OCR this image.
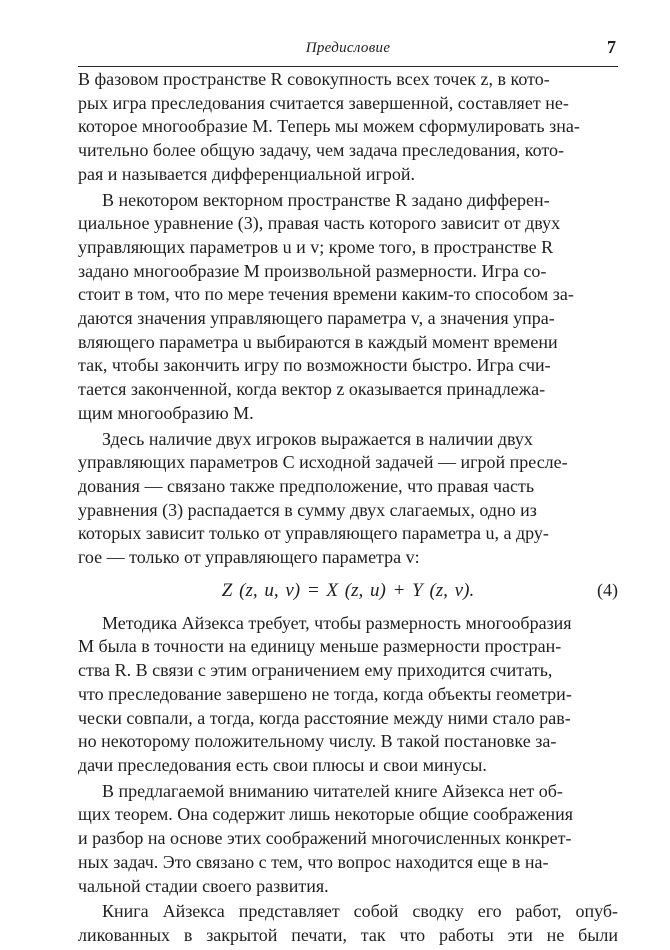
Предисловие	7

В фазовом пространстве R совокупность всех точек z, в кото-
рых игра преследования считается завершенной, составляет не-
которое многообразие M. Теперь мы можем сформулировать зна-
чительно более общую задачу, чем задача преследования, кото-
рая и называется дифференциальной игрой.

В некотором векторном пространстве R задано дифферен-
циальное уравнение (3), правая часть которого зависит от двух
управляющих параметров u и v; кроме того, в пространстве R
задано многообразие M произвольной размерности. Игра со-
стоит в том, что по мере течения времени каким-то способом за-
даются значения управляющего параметра v, а значения упра-
вляющего параметра u выбираются в каждый момент времени
так, чтобы закончить игру по возможности быстро. Игра счи-
тается законченной, когда вектор z оказывается принадлежа-
щим многообразию M.

Здесь наличие двух игроков выражается в наличии двух
управляющих параметров С исходной задачей — игрой пресле-
дования — связано также предположение, что правая часть
уравнения (3) распадается в сумму двух слагаемых, одно из
которых зависит только от управляющего параметра u, а дру-
гое — только от управляющего параметра v:

Z (z, u, v) = X (z, u) + Y (z, v).	(4)

Методика Айзекса требует, чтобы размерность многообразия
M была в точности на единицу меньше размерности простран-
ства R. В связи с этим ограничением ему приходится считать,
что преследование завершено не тогда, когда объекты геометри-
чески совпали, а тогда, когда расстояние между ними стало рав-
но некоторому положительному числу. В такой постановке за-
дачи преследования есть свои плюсы и свои минусы.

В предлагаемой вниманию читателей книге Айзекса нет об-
щих теорем. Она содержит лишь некоторые общие соображения
и разбор на основе этих соображений многочисленных конкрет-
ных задач. Это связано с тем, что вопрос находится еще в на-
чальной стадии своего развития.

Книга Айзекса представляет собой сводку его работ, опуб-
ликованных в закрытой печати, так что работы эти не были
